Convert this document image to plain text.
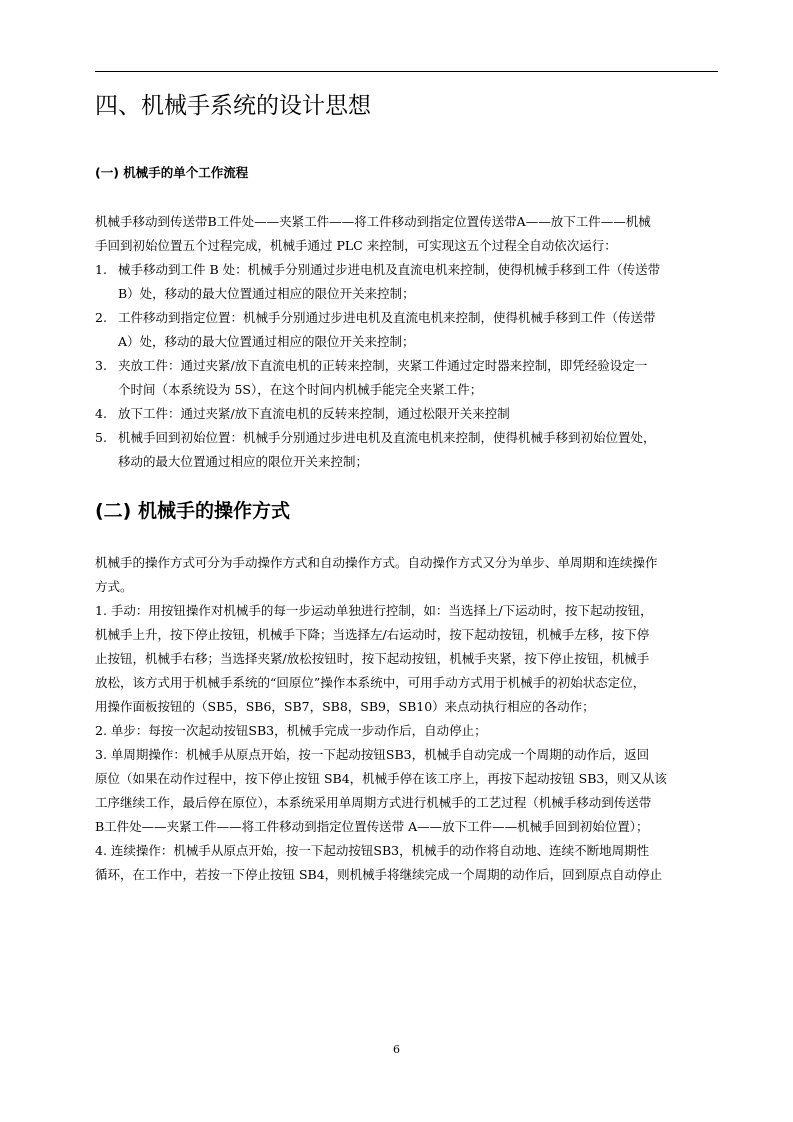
四、机械手系统的设计思想
(一) 机械手的单个工作流程
机械手移动到传送带B工件处——夹紧工件——将工件移动到指定位置传送带A——放下工件——机械
手回到初始位置五个过程完成，机械手通过 PLC 来控制，可实现这五个过程全自动依次运行：
1. 械手移动到工件 B 处：机械手分别通过步进电机及直流电机来控制，使得机械手移到工件（传送带
B）处，移动的最大位置通过相应的限位开关来控制；
2. 工件移动到指定位置：机械手分别通过步进电机及直流电机来控制，使得机械手移到工件（传送带
A）处，移动的最大位置通过相应的限位开关来控制；
3. 夹放工件：通过夹紧/放下直流电机的正转来控制，夹紧工件通过定时器来控制，即凭经验设定一
个时间（本系统设为 5S），在这个时间内机械手能完全夹紧工件；
4. 放下工件：通过夹紧/放下直流电机的反转来控制，通过松限开关来控制
5. 机械手回到初始位置：机械手分别通过步进电机及直流电机来控制，使得机械手移到初始位置处，
移动的最大位置通过相应的限位开关来控制；
(二) 机械手的操作方式
机械手的操作方式可分为手动操作方式和自动操作方式。自动操作方式又分为单步、单周期和连续操作
方式。
1. 手动：用按钮操作对机械手的每一步运动单独进行控制，如：当选择上/下运动时，按下起动按钮，
机械手上升，按下停止按钮，机械手下降；当选择左/右运动时，按下起动按钮，机械手左移，按下停
止按钮，机械手右移；当选择夹紧/放松按钮时，按下起动按钮，机械手夹紧，按下停止按钮，机械手
放松，该方式用于机械手系统的“回原位”操作本系统中，可用手动方式用于机械手的初始状态定位，
用操作面板按钮的（SB5，SB6，SB7，SB8，SB9，SB10）来点动执行相应的各动作；
2. 单步：每按一次起动按钮SB3，机械手完成一步动作后，自动停止；
3. 单周期操作：机械手从原点开始，按一下起动按钮SB3，机械手自动完成一个周期的动作后，返回
原位（如果在动作过程中，按下停止按钮 SB4，机械手停在该工序上，再按下起动按钮 SB3，则又从该
工序继续工作，最后停在原位），本系统采用单周期方式进行机械手的工艺过程（机械手移动到传送带
B工件处——夹紧工件——将工件移动到指定位置传送带 A——放下工件——机械手回到初始位置）；
4. 连续操作：机械手从原点开始，按一下起动按钮SB3，机械手的动作将自动地、连续不断地周期性
循环，在工作中，若按一下停止按钮 SB4，则机械手将继续完成一个周期的动作后，回到原点自动停止
6
